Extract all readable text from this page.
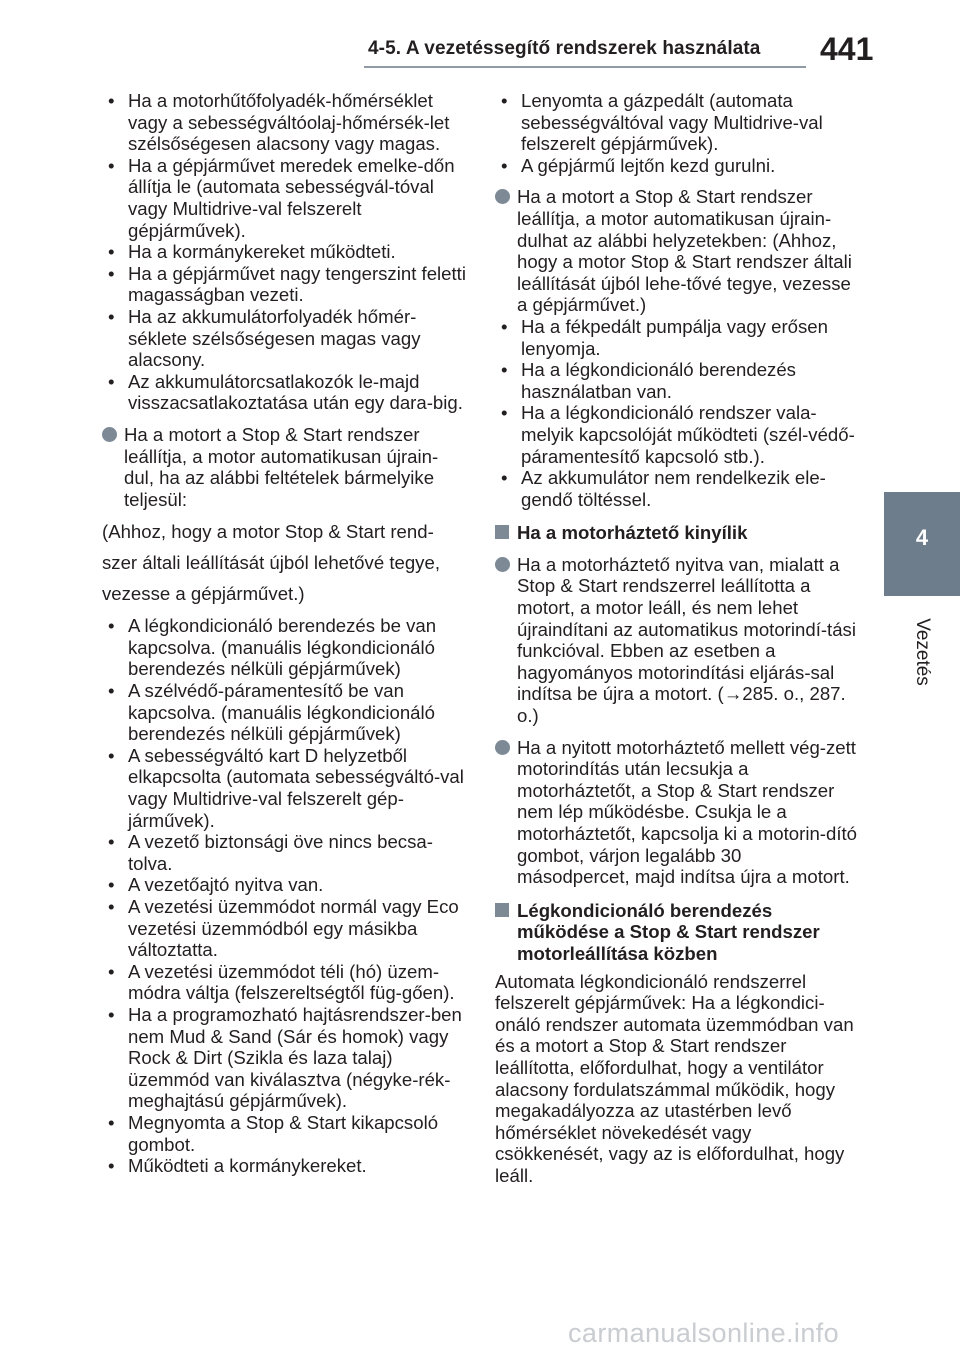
4
Vezetés
4-5. A vezetéssegítő rendszerek használata 441

• Ha a motorhűtőfolyadék-hőmérséklet vagy a sebességváltóolaj-hőmérsék-let szélsőségesen alacsony vagy magas.

• Ha a gépjárművet meredek emelke-dőn állítja le (automata sebességvál-tóval vagy Multidrive-val felszerelt gépjárművek).

• Ha a kormánykereket működteti.

• Ha a gépjárművet nagy tengerszint feletti magasságban vezeti.

• Ha az akkumulátorfolyadék hőmér-séklete szélsőségesen magas vagy alacsony.

• Az akkumulátorcsatlakozók le-majd visszacsatlakoztatása után egy dara-big.

Ha a motort a Stop & Start rendszer leállítja, a motor automatikusan újrain-dul, ha az alábbi feltételek bármelyike teljesül:

(Ahhoz, hogy a motor Stop & Start rend-szer általi leállítását újból lehetővé tegye, vezesse a gépjárművet.)

• A légkondicionáló berendezés be van kapcsolva. (manuális légkondicionáló berendezés nélküli gépjárművek)

• A szélvédő-páramentesítő be van kapcsolva. (manuális légkondicionáló berendezés nélküli gépjárművek)

• A sebességváltó kart D helyzetből elkapcsolta (automata sebességváltó-val vagy Multidrive-val felszerelt gép-járművek).

• A vezető biztonsági öve nincs becsa-tolva.

• A vezetőajtó nyitva van.

• A vezetési üzemmódot normál vagy Eco vezetési üzemmódból egy másikba változtatta.

• A vezetési üzemmódot téli (hó) üzem-módra váltja (felszereltségtől füg-gően).

• Ha a programozható hajtásrendszer-ben nem Mud & Sand (Sár és homok) vagy Rock & Dirt (Szikla és laza talaj) üzemmód van kiválasztva (négyke-rék-meghajtású gépjárművek).

• Megnyomta a Stop & Start kikapcsoló gombot.

• Működteti a kormánykereket.

• Lenyomta a gázpedált (automata sebességváltóval vagy Multidrive-val felszerelt gépjárművek).

• A gépjármű lejtőn kezd gurulni.

Ha a motort a Stop & Start rendszer leállítja, a motor automatikusan újrain-dulhat az alábbi helyzetekben: (Ahhoz, hogy a motor Stop & Start rendszer általi leállítását újból lehe-tővé tegye, vezesse a gépjárművet.)

• Ha a fékpedált pumpálja vagy erősen lenyomja.

• Ha a légkondicionáló berendezés használatban van.

• Ha a légkondicionáló rendszer vala-melyik kapcsolóját működteti (szél-védő-páramentesítő kapcsoló stb.).

• Az akkumulátor nem rendelkezik ele-gendő töltéssel.

Ha a motorháztető kinyílik
Ha a motorháztető nyitva van, mialatt a Stop & Start rendszerrel leállította a motort, a motor leáll, és nem lehet újraindítani az automatikus motorindí-tási funkcióval. Ebben az esetben a hagyományos motorindítási eljárás-sal indítsa be újra a motort. (→285. o., 287. o.)
Ha a nyitott motorháztető mellett vég-zett motorindítás után lecsukja a motorháztetőt, a Stop & Start rendszer nem lép működésbe. Csukja le a motorháztetőt, kapcsolja ki a motorin-dító gombot, várjon legalább 30 másodpercet, majd indítsa újra a motort.
Légkondicionáló berendezés működése a Stop & Start rendszer motorleállítása közben

Automata légkondicionáló rendszerrel felszerelt gépjárművek: Ha a légkondici-onáló rendszer automata üzemmódban van és a motort a Stop & Start rendszer leállította, előfordulhat, hogy a ventilátor alacsony fordulatszámmal működik, hogy megakadályozza az utastérben levő hőmérséklet növekedését vagy csökkenését, vagy az is előfordulhat, hogy leáll.

carmanualsonline.info
